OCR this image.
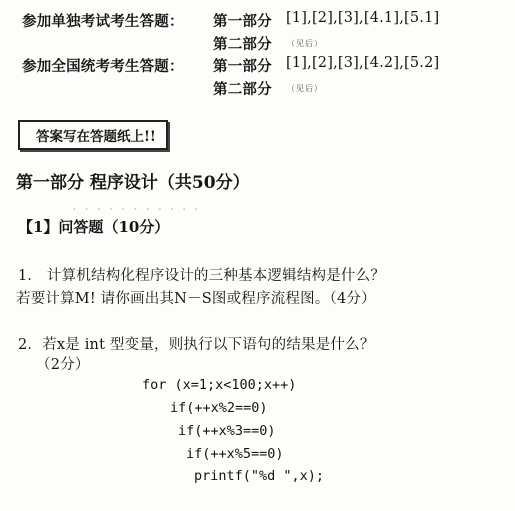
参加单独考试考生答题： 第一部分 [1],[2],[3],[4.1],[5.1]
第二部分 （见后）
参加全国统考考生答题： 第一部分 [1],[2],[3],[4.2],[5.2]
第二部分 （见后）
答案写在答题纸上!!
第一部分 程序设计（共50分）
･ ･ ･ ･ ･ ･ ･ ･ ･ ･ ･
【1】问答题（10分）
1． 计算机结构化程序设计的三种基本逻辑结构是什么？
若要计算M! 请你画出其N－S图或程序流程图。（4分）
2．若x是 int 型变量，则执行以下语句的结果是什么？
（2分）
for (x=1;x<100;x++)
if(++x%2==0)
if(++x%3==0)
if(++x%5==0)
printf("%d ",x);
